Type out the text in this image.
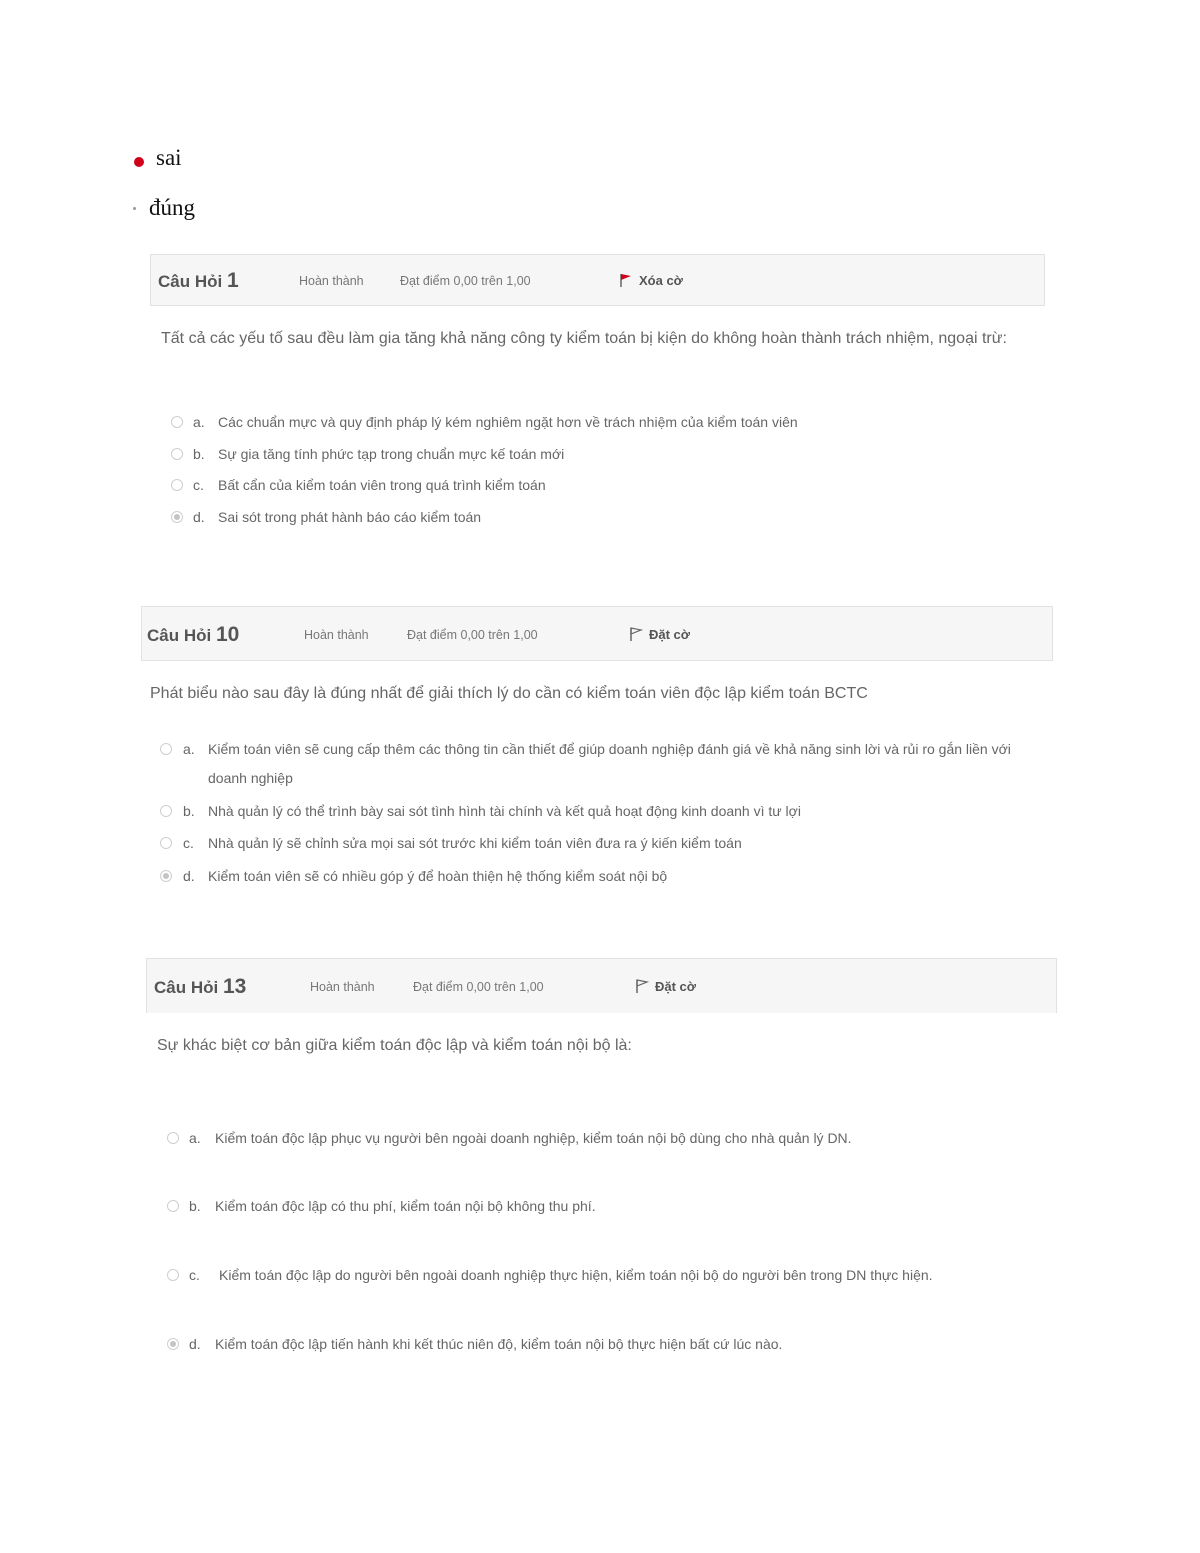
sai
đúng
Câu Hỏi 1	Hoàn thành	Đạt điểm 0,00 trên 1,00	Xóa cờ
Tất cả các yếu tố sau đều làm gia tăng khả năng công ty kiểm toán bị kiện do không hoàn thành trách nhiệm, ngoại trừ:
a. Các chuẩn mực và quy định pháp lý kém nghiêm ngặt hơn về trách nhiệm của kiểm toán viên
b. Sự gia tăng tính phức tạp trong chuẩn mực kế toán mới
c. Bất cẩn của kiểm toán viên trong quá trình kiểm toán
d. Sai sót trong phát hành báo cáo kiểm toán
Câu Hỏi 10	Hoàn thành	Đạt điểm 0,00 trên 1,00	Đặt cờ
Phát biểu nào sau đây là đúng nhất để giải thích lý do cần có kiểm toán viên độc lập kiểm toán BCTC
a. Kiểm toán viên sẽ cung cấp thêm các thông tin cần thiết để giúp doanh nghiệp đánh giá về khả năng sinh lời và rủi ro gắn liền với doanh nghiệp
b. Nhà quản lý có thể trình bày sai sót tình hình tài chính và kết quả hoạt động kinh doanh vì tư lợi
c. Nhà quản lý sẽ chỉnh sửa mọi sai sót trước khi kiểm toán viên đưa ra ý kiến kiểm toán
d. Kiểm toán viên sẽ có nhiều góp ý để hoàn thiện hệ thống kiểm soát nội bộ
Câu Hỏi 13	Hoàn thành	Đạt điểm 0,00 trên 1,00	Đặt cờ
Sự khác biệt cơ bản giữa kiểm toán độc lập và kiểm toán nội bộ là:
a. Kiểm toán độc lập phục vụ người bên ngoài doanh nghiệp, kiểm toán nội bộ dùng cho nhà quản lý DN.
b. Kiểm toán độc lập có thu phí, kiểm toán nội bộ không thu phí.
c. Kiểm toán độc lập do người bên ngoài doanh nghiệp thực hiện, kiểm toán nội bộ do người bên trong DN thực hiện.
d. Kiểm toán độc lập tiến hành khi kết thúc niên độ, kiểm toán nội bộ thực hiện bất cứ lúc nào.
